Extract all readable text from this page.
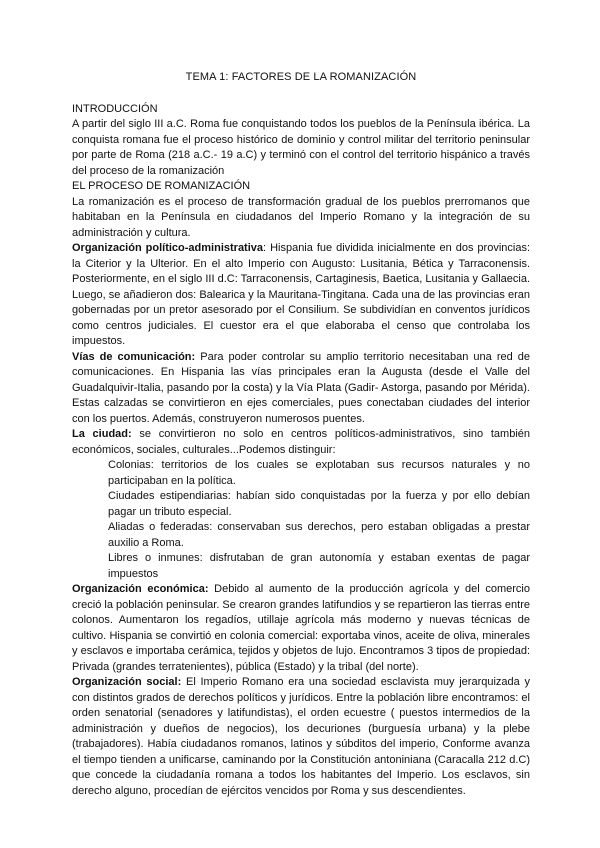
TEMA 1: FACTORES DE LA ROMANIZACIÓN

INTRODUCCIÓN

A partir del siglo III a.C. Roma fue conquistando todos los pueblos de la Península ibérica. La conquista romana fue el proceso histórico de dominio y control militar del territorio peninsular por parte de Roma (218 a.C.- 19 a.C) y terminó con el control del territorio hispánico a través del proceso de la romanización

EL PROCESO DE ROMANIZACIÓN

La romanización es el proceso de transformación gradual de los pueblos prerromanos que habitaban en la Península en ciudadanos del Imperio Romano y la integración de su administración y cultura.

Organización político-administrativa: Hispania fue dividida inicialmente en dos provincias: la Citerior y la Ulterior. En el alto Imperio con Augusto: Lusitania, Bética y Tarraconensis. Posteriormente, en el siglo III d.C: Tarraconensis, Cartaginesis, Baetica, Lusitania y Gallaecia. Luego, se añadieron dos: Balearica y la Mauritana-Tingitana. Cada una de las provincias eran gobernadas por un pretor asesorado por el Consilium. Se subdividían en conventos jurídicos como centros judiciales. El cuestor era el que elaboraba el censo que controlaba los impuestos.

Vías de comunicación: Para poder controlar su amplio territorio necesitaban una red de comunicaciones. En Hispania las vías principales eran la Augusta (desde el Valle del Guadalquivir-Italia, pasando por la costa) y la Vía Plata (Gadir- Astorga, pasando por Mérida). Estas calzadas se convirtieron en ejes comerciales, pues conectaban ciudades del interior con los puertos. Además, construyeron numerosos puentes.

La ciudad: se convirtieron no solo en centros políticos-administrativos, sino también económicos, sociales, culturales...Podemos distinguir:

Colonias: territorios de los cuales se explotaban sus recursos naturales y no participaban en la política.
Ciudades estipendiarias: habían sido conquistadas por la fuerza y por ello debían pagar un tributo especial.
Aliadas o federadas: conservaban sus derechos, pero estaban obligadas a prestar auxilio a Roma.
Libres o inmunes: disfrutaban de gran autonomía y estaban exentas de pagar impuestos

Organización económica: Debido al aumento de la producción agrícola y del comercio creció la población peninsular. Se crearon grandes latifundios y se repartieron las tierras entre colonos. Aumentaron los regadíos, utillaje agrícola más moderno y nuevas técnicas de cultivo. Hispania se convirtió en colonia comercial: exportaba vinos, aceite de oliva, minerales y esclavos e importaba cerámica, tejidos y objetos de lujo. Encontramos 3 tipos de propiedad: Privada (grandes terratenientes), pública (Estado) y la tribal (del norte).

Organización social: El Imperio Romano era una sociedad esclavista muy jerarquizada y con distintos grados de derechos políticos y jurídicos. Entre la población libre encontramos: el orden senatorial (senadores y latifundistas), el orden ecuestre ( puestos intermedios de la administración y dueños de negocios), los decuriones (burguesía urbana) y la plebe (trabajadores). Había ciudadanos romanos, latinos y súbditos del imperio, Conforme avanza el tiempo tienden a unificarse, caminando por la Constitución antoniniana (Caracalla 212 d.C) que concede la ciudadanía romana a todos los habitantes del Imperio. Los esclavos, sin derecho alguno, procedían de ejércitos vencidos por Roma y sus descendientes.
